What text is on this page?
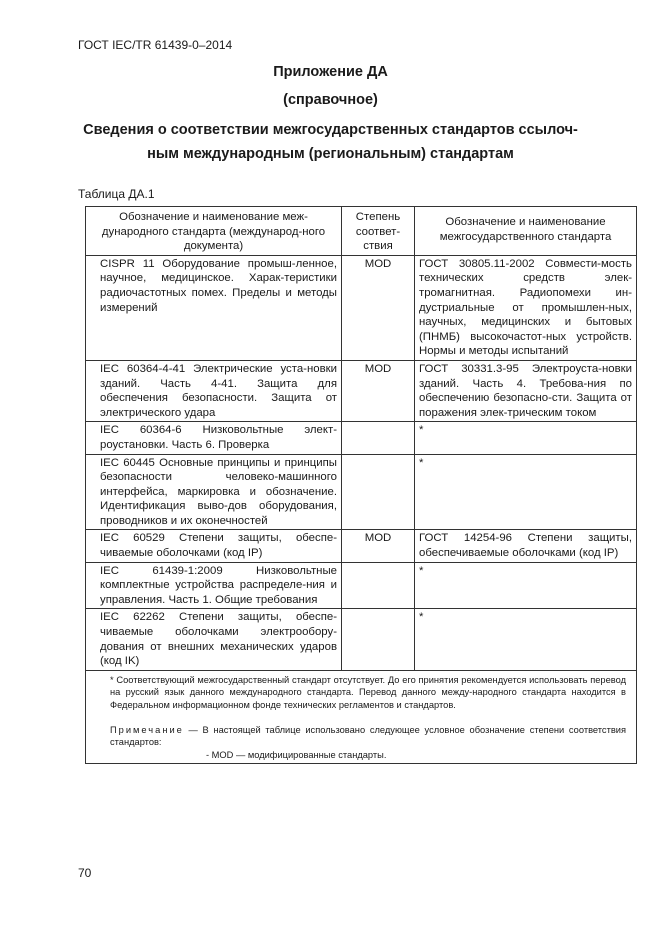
ГОСТ IEC/TR 61439-0–2014
Приложение ДА
(справочное)
Сведения о соответствии межгосударственных стандартов ссылоч-
ным международным (региональным) стандартам
Таблица ДА.1
Обозначение и наименование меж-дународного стандарта (международ-ного документа)	Степень соответ-ствия	Обозначение и наименование межгосударственного стандарта
CISPR 11 Оборудование промыш-ленное, научное, медицинское. Харак-теристики радиочастотных помех. Пределы и методы измерений	MOD	ГОСТ 30805.11-2002 Совмести-мость технических средств элек-тромагнитная. Радиопомехи ин-дустриальные от промышлен-ных, научных, медицинских и бытовых (ПНМБ) высокочастот-ных устройств. Нормы и методы испытаний
IEC 60364-4-41 Электрические уста-новки зданий. Часть 4-41. Защита для обеспечения безопасности. Защита от электрического удара	MOD	ГОСТ 30331.3-95 Электроуста-новки зданий. Часть 4. Требова-ния по обеспечению безопасно-сти. Защита от поражения элек-трическим током
IEC 60364-6 Низковольтные элект-роустановки. Часть 6. Проверка		*
IEC 60445 Основные принципы и принципы безопасности человеко-машинного интерфейса, маркировка и обозначение. Идентификация выво-дов оборудования, проводников и их оконечностей		*
IEC 60529 Степени защиты, обеспе-чиваемые оболочками (код IP)	MOD	ГОСТ 14254-96 Степени защиты, обеспечиваемые оболочками (код IP)
IEC 61439-1:2009 Низковольтные комплектные устройства распределе-ния и управления. Часть 1. Общие требования		*
IEC 62262 Степени защиты, обеспе-чиваемые оболочками электрообору-дования от внешних механических ударов (код IK)		*

* Соответствующий межгосударственный стандарт отсутствует. До его принятия рекомендуется использовать перевод на русский язык данного международного стандарта. Перевод данного между-народного стандарта находится в Федеральном информационном фонде технических регламентов и стандартов.

Примечание — В настоящей таблице использовано следующее условное обозначение степени соответствия стандартов:

- MOD — модифицированные стандарты.		

70
